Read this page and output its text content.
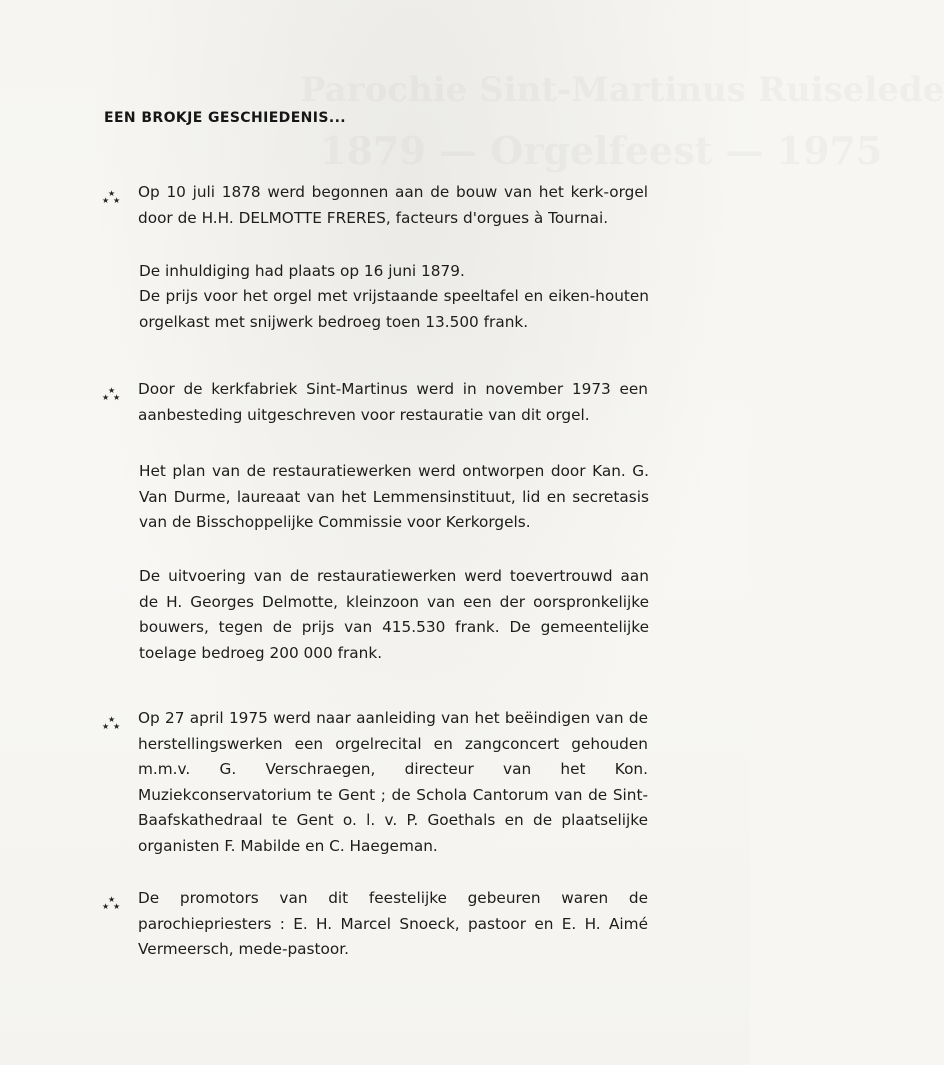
Parochie Sint-Martinus Ruiselede
1879 — Orgelfeest — 1975
EEN BROKJE GESCHIEDENIS...
★
★ ★ Op 10 juli 1878 werd begonnen aan de bouw van het kerk-orgel door de H.H. DELMOTTE FRERES, facteurs d'orgues à Tournai.
De inhuldiging had plaats op 16 juni 1879.
De prijs voor het orgel met vrijstaande speeltafel en eiken-houten orgelkast met snijwerk bedroeg toen 13.500 frank.
★
★ ★ Door de kerkfabriek Sint-Martinus werd in november 1973 een aanbesteding uitgeschreven voor restauratie van dit orgel.
Het plan van de restauratiewerken werd ontworpen door Kan. G. Van Durme, laureaat van het Lemmensinstituut, lid en secretasis van de Bisschoppelijke Commissie voor Kerkorgels.
De uitvoering van de restauratiewerken werd toevertrouwd aan de H. Georges Delmotte, kleinzoon van een der oorspronkelijke bouwers, tegen de prijs van 415.530 frank. De gemeentelijke toelage bedroeg 200 000 frank.
★
★ ★ Op 27 april 1975 werd naar aanleiding van het beëindigen van de herstellingswerken een orgelrecital en zangconcert gehouden m.m.v. G. Verschraegen, directeur van het Kon. Muziekconservatorium te Gent ; de Schola Cantorum van de Sint-Baafskathedraal te Gent o. l. v. P. Goethals en de plaatselijke organisten F. Mabilde en C. Haegeman.
★
★ ★ De promotors van dit feestelijke gebeuren waren de parochiepriesters : E. H. Marcel Snoeck, pastoor en E. H. Aimé Vermeersch, mede-pastoor.
